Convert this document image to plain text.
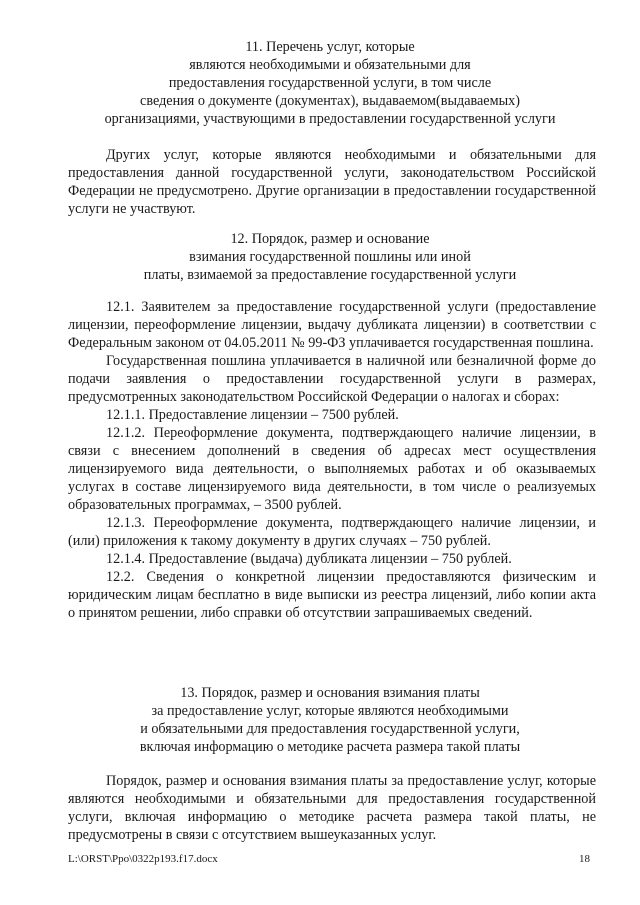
11. Перечень услуг, которые
являются необходимыми и обязательными для
предоставления государственной услуги, в том числе
сведения о документе (документах), выдаваемом(выдаваемых)
организациями, участвующими в предоставлении государственной услуги
Других услуг, которые являются необходимыми и обязательными для предоставления данной государственной услуги, законодательством Российской Федерации не предусмотрено. Другие организации в предоставлении государственной услуги не участвуют.
12. Порядок, размер и основание
взимания государственной пошлины или иной
платы, взимаемой за предоставление государственной услуги

12.1. Заявителем за предоставление государственной услуги (предоставление лицензии, переоформление лицензии, выдачу дубликата лицензии) в соответствии с Федеральным законом от 04.05.2011 № 99-ФЗ уплачивается государственная пошлина.

Государственная пошлина уплачивается в наличной или безналичной форме до подачи заявления о предоставлении государственной услуги в размерах, предусмотренных законодательством Российской Федерации о налогах и сборах:

12.1.1. Предоставление лицензии – 7500 рублей.

12.1.2. Переоформление документа, подтверждающего наличие лицензии, в связи с внесением дополнений в сведения об адресах мест осуществления лицензируемого вида деятельности, о выполняемых работах и об оказываемых услугах в составе лицензируемого вида деятельности, в том числе о реализуемых образовательных программах, – 3500 рублей.

12.1.3. Переоформление документа, подтверждающего наличие лицензии, и (или) приложения к такому документу в других случаях – 750 рублей.

12.1.4. Предоставление (выдача) дубликата лицензии – 750 рублей.

12.2. Сведения о конкретной лицензии предоставляются физическим и юридическим лицам бесплатно в виде выписки из реестра лицензий, либо копии акта о принятом решении, либо справки об отсутствии запрашиваемых сведений.

13. Порядок, размер и основания взимания платы
за предоставление услуг, которые являются необходимыми
и обязательными для предоставления государственной услуги,
включая информацию о методике расчета размера такой платы
Порядок, размер и основания взимания платы за предоставление услуг, которые являются необходимыми и обязательными для предоставления государственной услуги, включая информацию о методике расчета размера такой платы, не предусмотрены в связи с отсутствием вышеуказанных услуг.
L:\ORST\Ppo\0322p193.f17.docx	18
